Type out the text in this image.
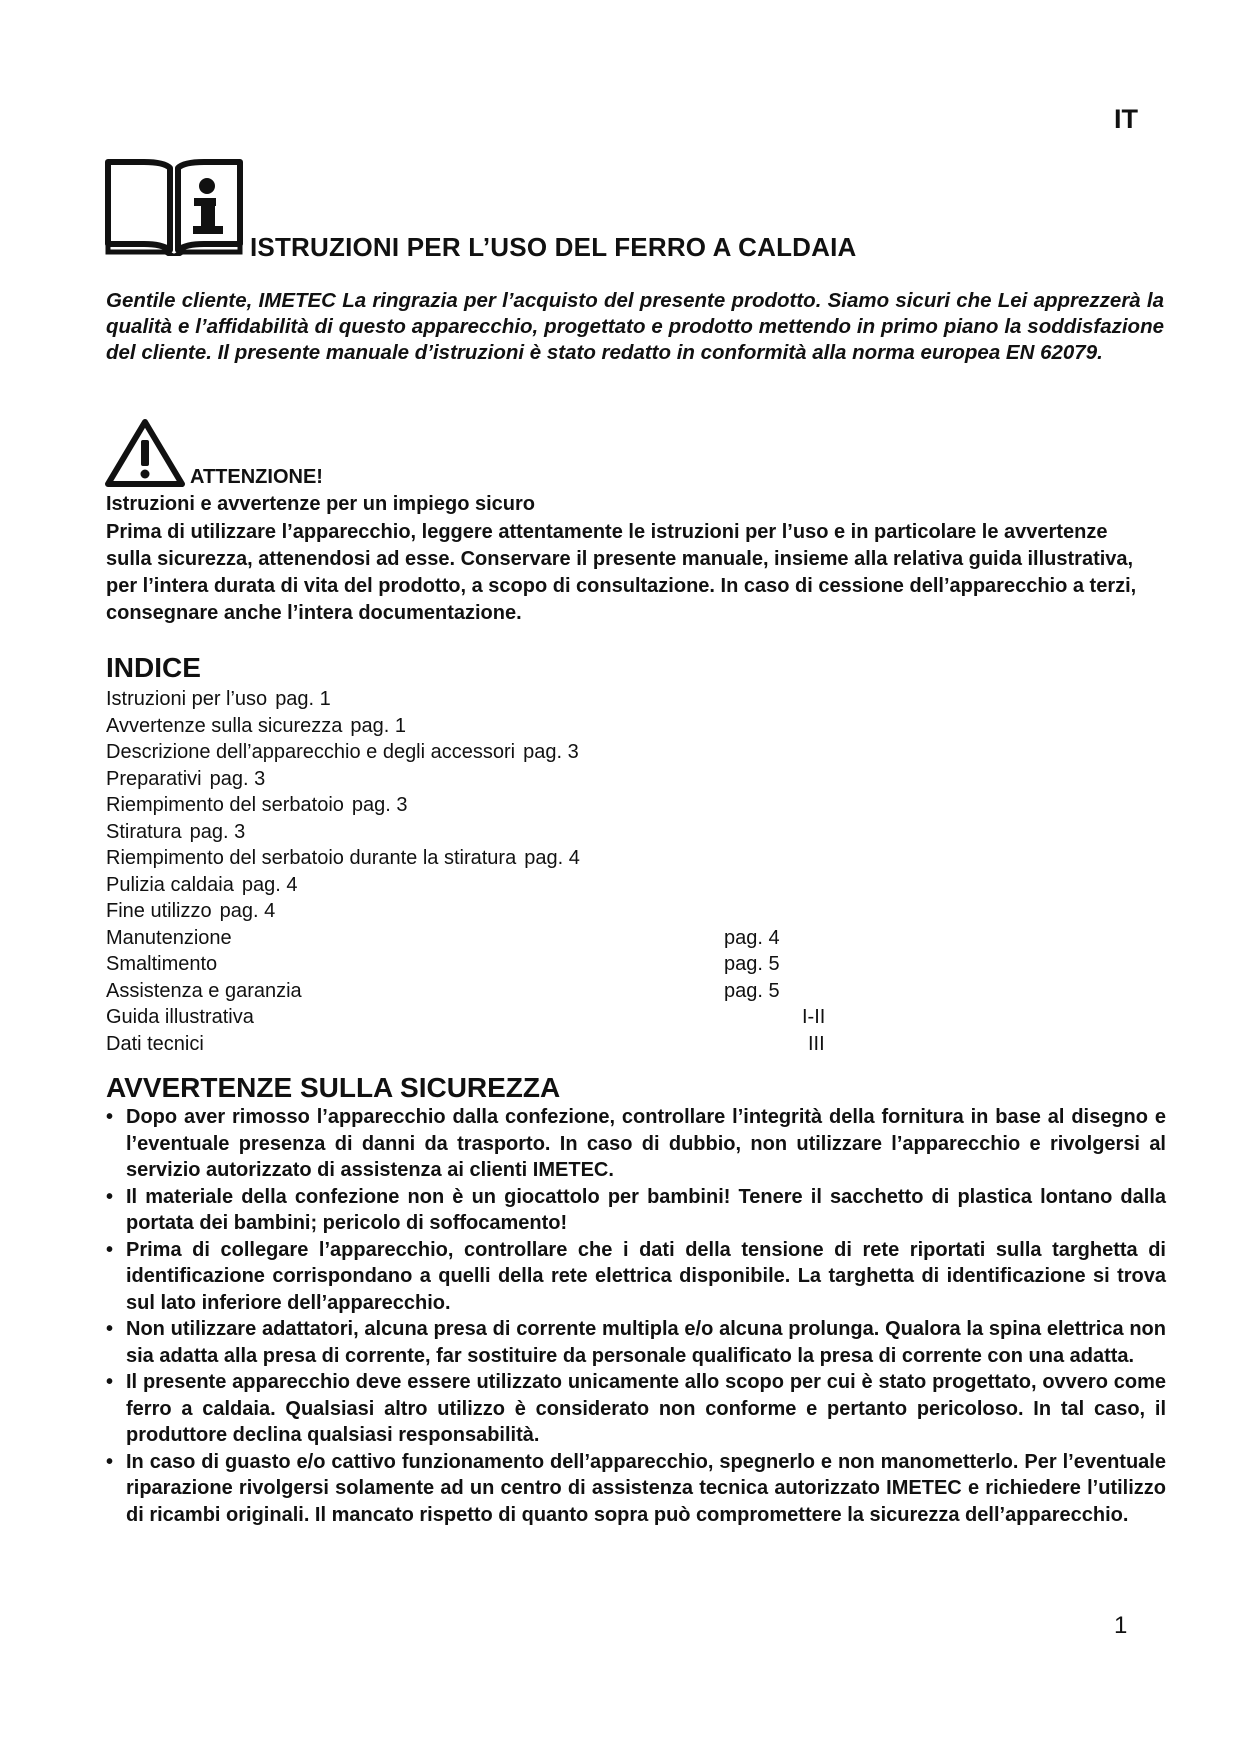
IT
ISTRUZIONI PER L’USO DEL FERRO A CALDAIA

Gentile cliente, IMETEC La ringrazia per l’acquisto del presente prodotto. Siamo sicuri che Lei apprezzerà la qualità e l’affidabilità di questo apparecchio, progettato e prodotto mettendo in primo piano la soddisfazione del cliente. Il presente manuale d’istruzioni è stato redatto in conformità alla norma europea EN 62079.

ATTENZIONE!
Istruzioni e avvertenze per un impiego sicuro

Prima di utilizzare l’apparecchio, leggere attentamente le istruzioni per l’uso e in particolare le avvertenze sulla sicurezza, attenendosi ad esse. Conservare il presente manuale, insieme alla relativa guida illustrativa, per l’intera durata di vita del prodotto, a scopo di consultazione. In caso di cessione dell’apparecchio a terzi, consegnare anche l’intera documentazione.

INDICE
Istruzioni per l’uso pag. 1
Avvertenze sulla sicurezza pag. 1
Descrizione dell’apparecchio e degli accessori pag. 3
Preparativi pag. 3
Riempimento del serbatoio pag. 3
Stiratura pag. 3
Riempimento del serbatoio durante la stiratura pag. 4
Pulizia caldaia pag. 4
Fine utilizzo pag. 4
Manutenzione	pag. 4
Smaltimento	pag. 5
Assistenza e garanzia	pag. 5
Guida illustrativa	I-II
Dati tecnici	III
AVVERTENZE SULLA SICUREZZA
• Dopo aver rimosso l’apparecchio dalla confezione, controllare l’integrità della fornitura in base al disegno e l’eventuale presenza di danni da trasporto. In caso di dubbio, non utilizzare l’apparecchio e rivolgersi al servizio autorizzato di assistenza ai clienti IMETEC.
• Il materiale della confezione non è un giocattolo per bambini! Tenere il sacchetto di plastica lontano dalla portata dei bambini; pericolo di soffocamento!
• Prima di collegare l’apparecchio, controllare che i dati della tensione di rete riportati sulla targhetta di identificazione corrispondano a quelli della rete elettrica disponibile. La targhetta di identificazione si trova sul lato inferiore dell’apparecchio.
• Non utilizzare adattatori, alcuna presa di corrente multipla e/o alcuna prolunga. Qualora la spina elettrica non sia adatta alla presa di corrente, far sostituire da personale qualificato la presa di corrente con una adatta.
• Il presente apparecchio deve essere utilizzato unicamente allo scopo per cui è stato progettato, ovvero come ferro a caldaia. Qualsiasi altro utilizzo è considerato non conforme e pertanto pericoloso. In tal caso, il produttore declina qualsiasi responsabilità.
• In caso di guasto e/o cattivo funzionamento dell’apparecchio, spegnerlo e non manometterlo. Per l’eventuale riparazione rivolgersi solamente ad un centro di assistenza tecnica autorizzato IMETEC e richiedere l’utilizzo di ricambi originali. Il mancato rispetto di quanto sopra può compromettere la sicurezza dell’apparecchio.
1
